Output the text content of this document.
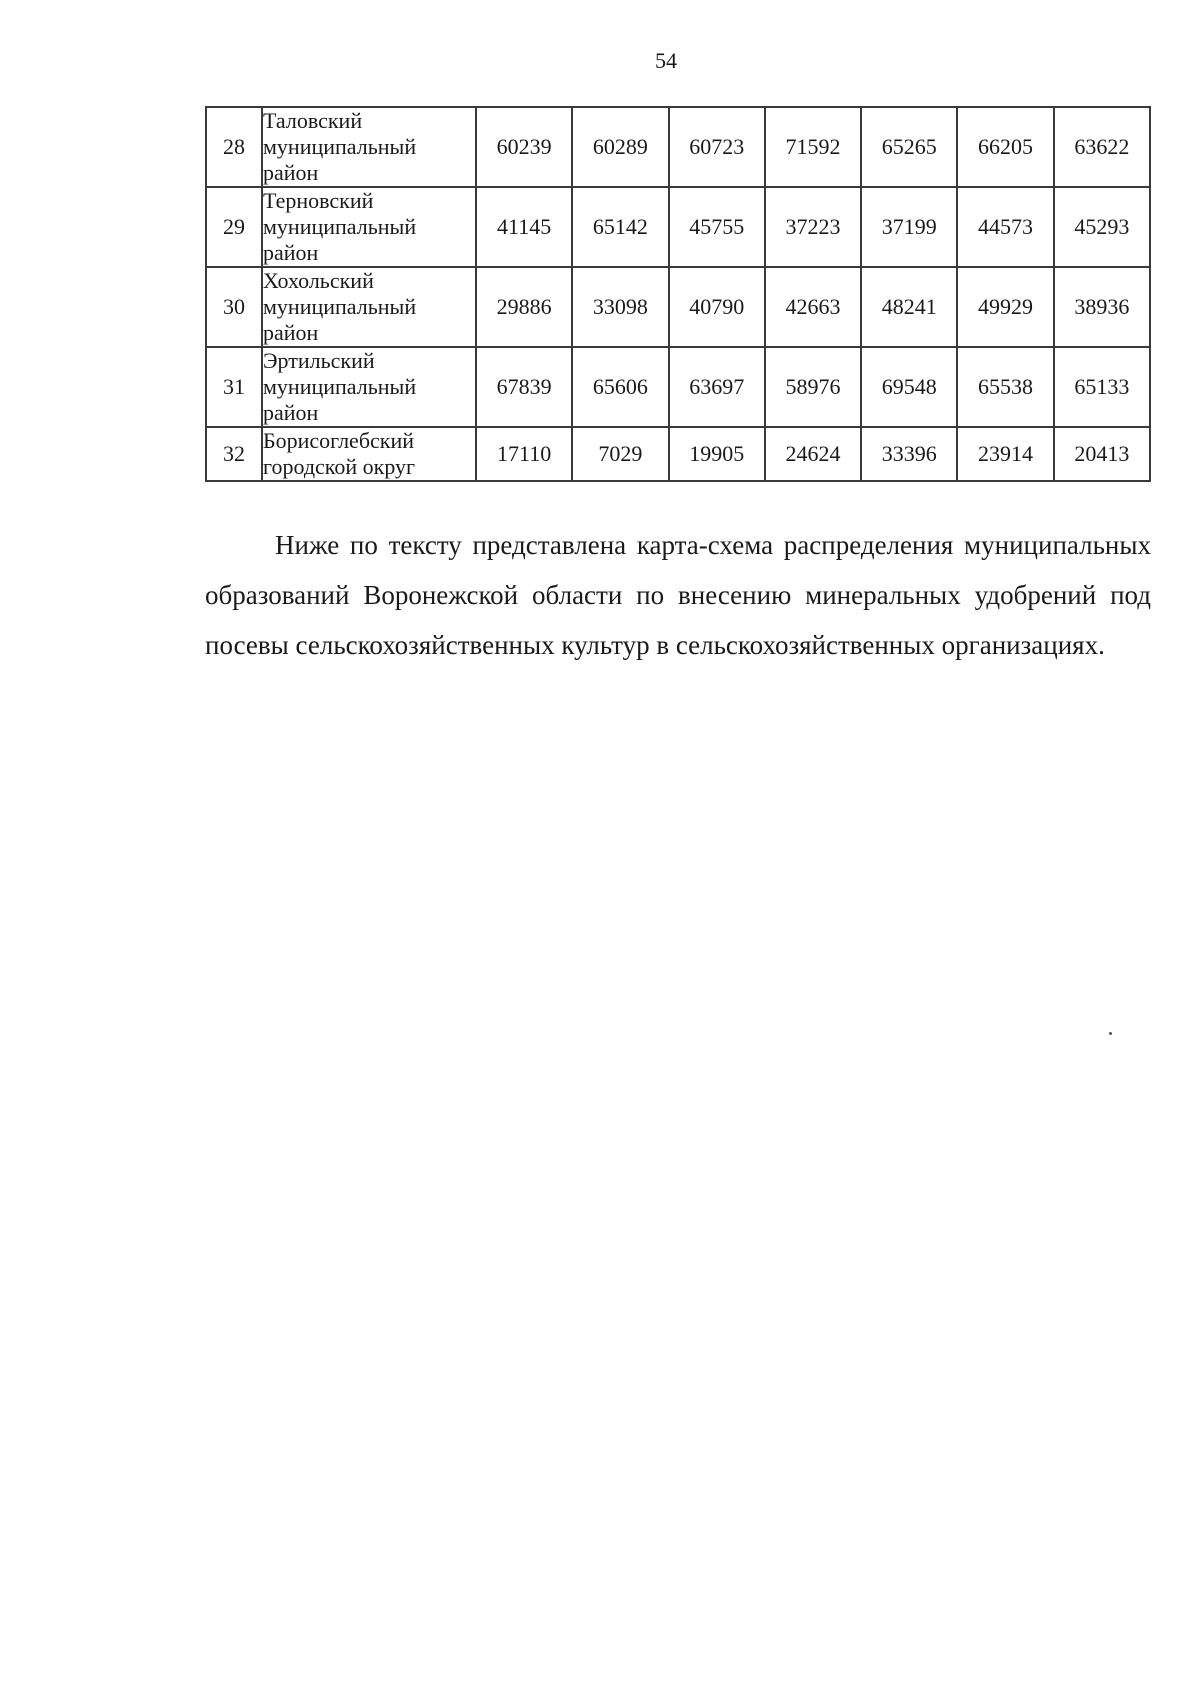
54
28	Таловский
муниципальный
район	60239	60289	60723	71592	65265	66205	63622
29	Терновский
муниципальный
район	41145	65142	45755	37223	37199	44573	45293
30	Хохольский
муниципальный
район	29886	33098	40790	42663	48241	49929	38936
31	Эртильский
муниципальный
район	67839	65606	63697	58976	69548	65538	65133
32	Борисоглебский
городской округ	17110	7029	19905	24624	33396	23914	20413

Ниже по тексту представлена карта-схема распределения муниципальных образований Воронежской области по внесению минеральных удобрений под посевы сельскохозяйственных культур в сельскохозяйственных организациях.
